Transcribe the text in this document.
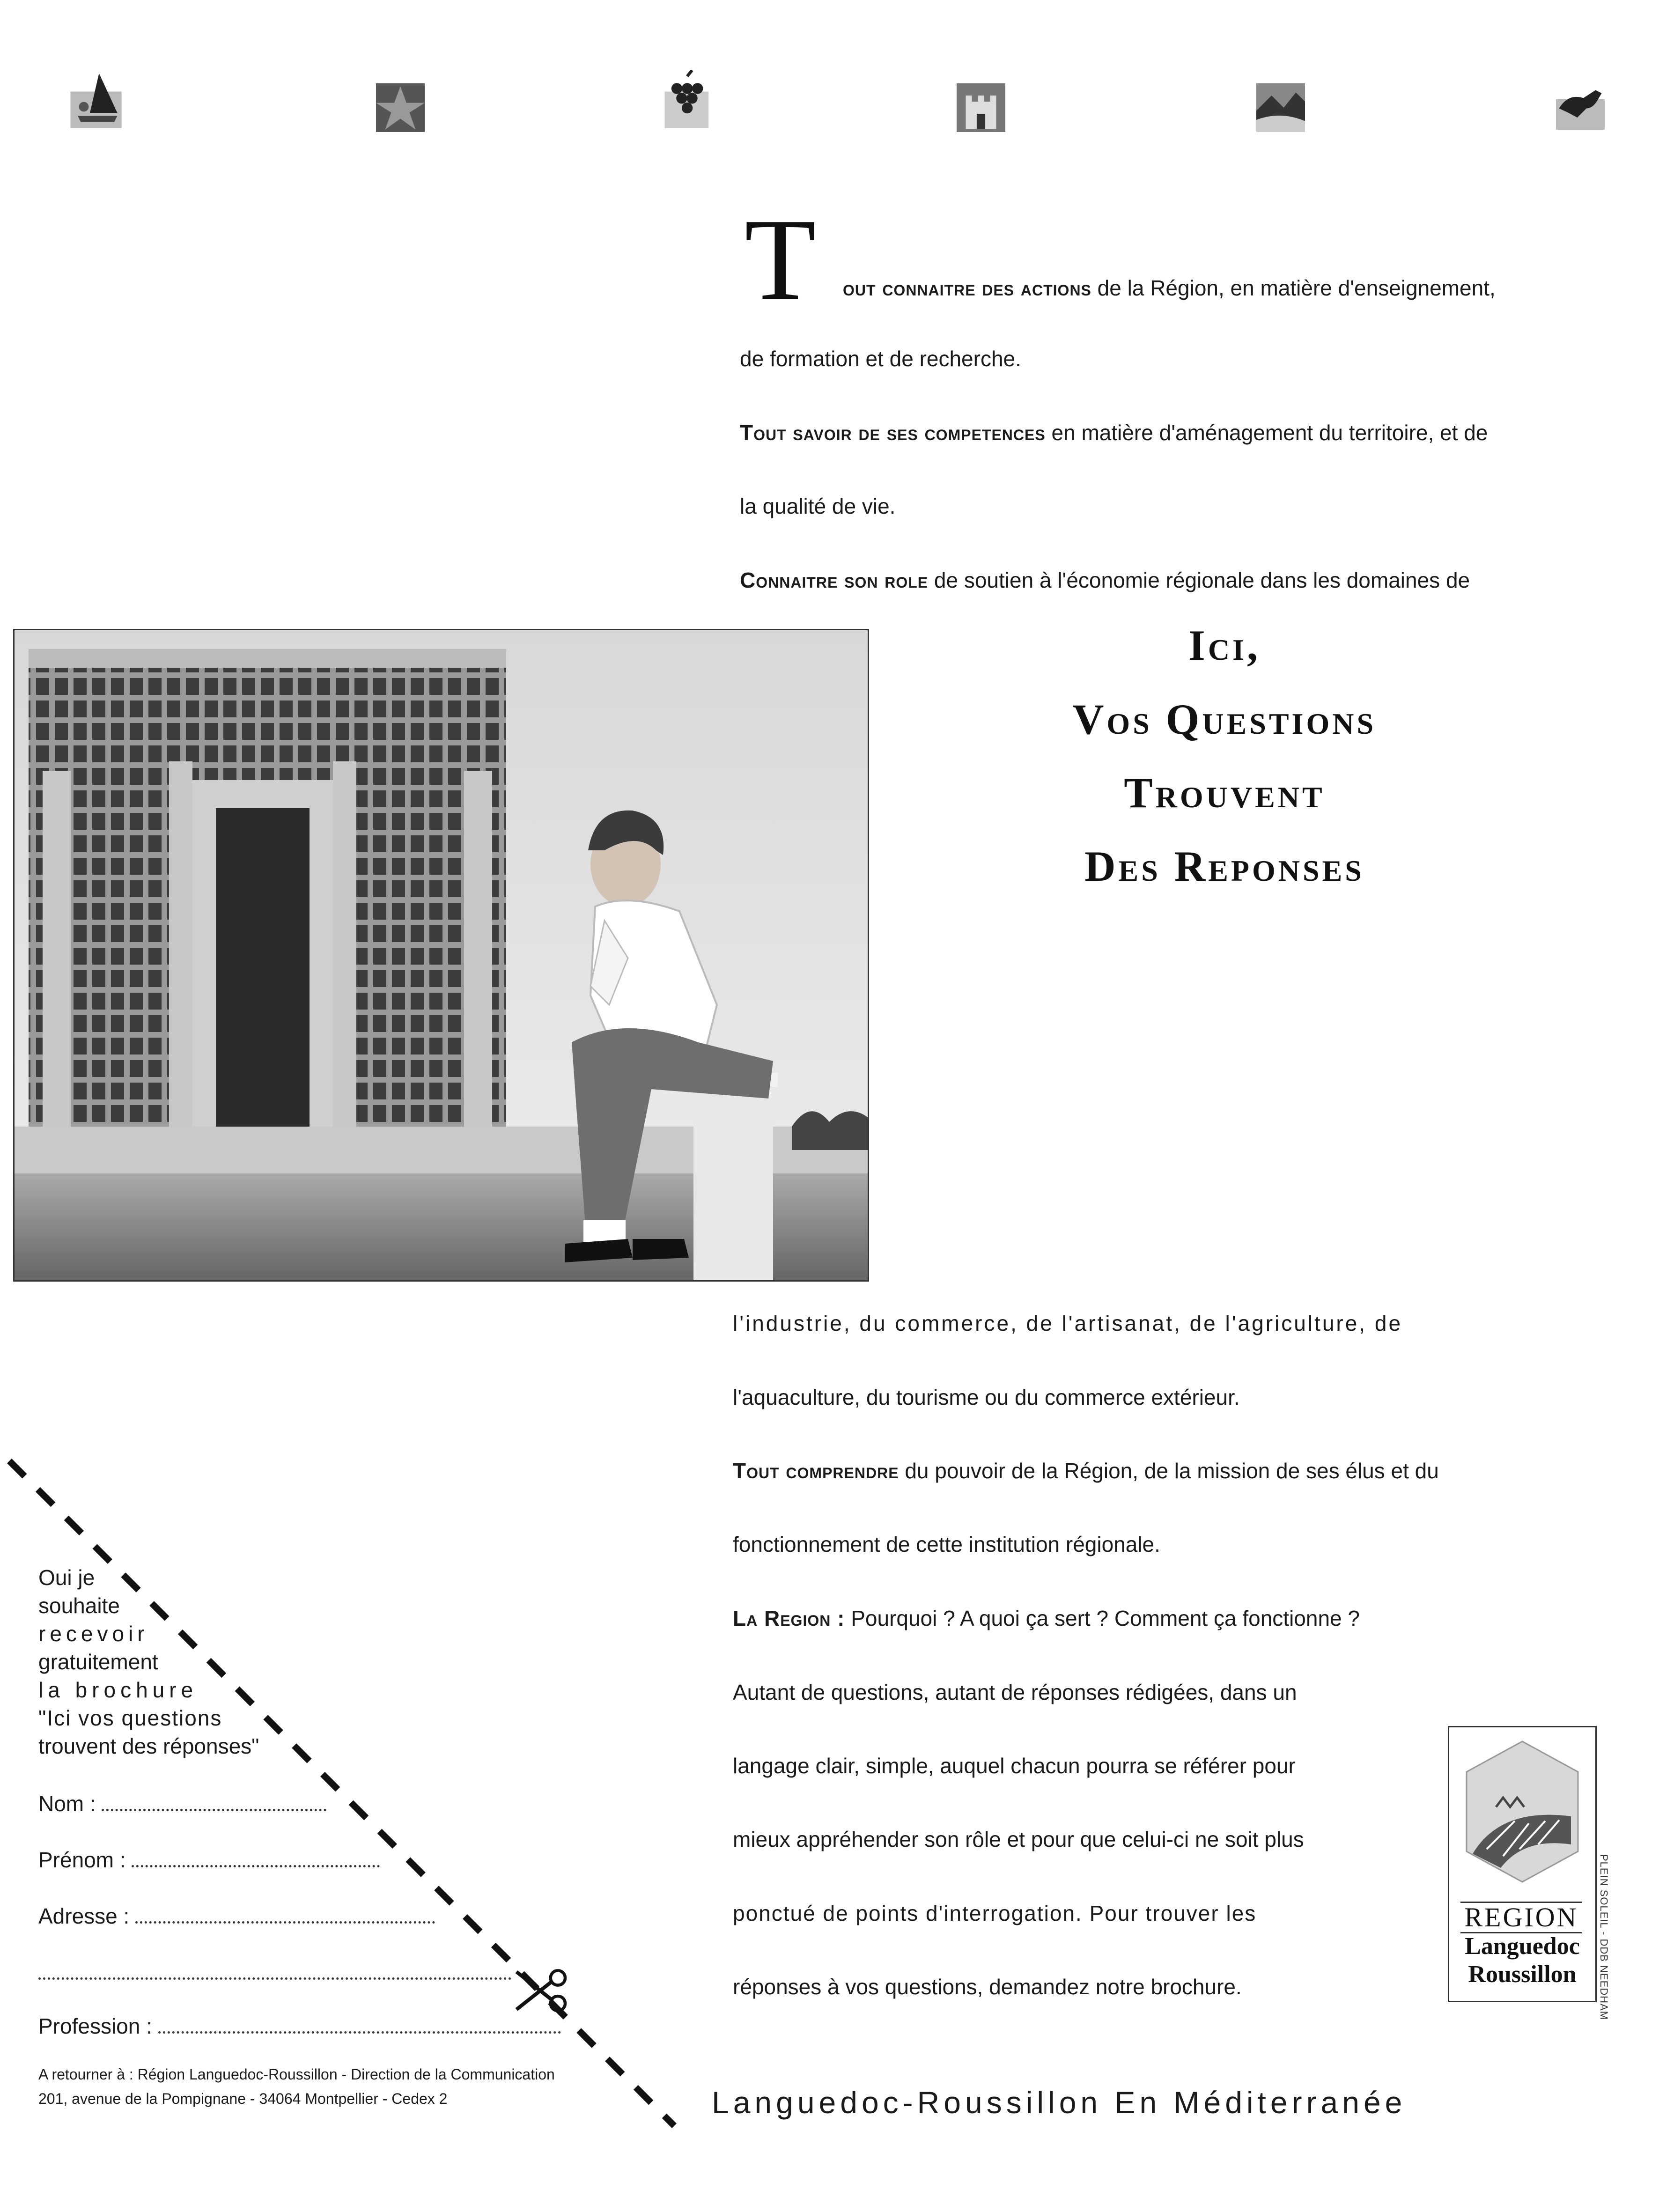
T out connaitre des actions de la Région, en matière d'enseignement,
de formation et de recherche.
Tout savoir de ses competences en matière d'aménagement du territoire, et de
la qualité de vie.
Connaitre son role de soutien à l'économie régionale dans les domaines de
Ici,
Vos Questions
Trouvent
Des Reponses
l'industrie, du commerce, de l'artisanat, de l'agriculture, de
l'aquaculture, du tourisme ou du commerce extérieur.
Tout comprendre du pouvoir de la Région, de la mission de ses élus et du
fonctionnement de cette institution régionale.
La Region : Pourquoi ? A quoi ça sert ? Comment ça fonctionne ?
Autant de questions, autant de réponses rédigées, dans un
langage clair, simple, auquel chacun pourra se référer pour
mieux appréhender son rôle et pour que celui-ci ne soit plus
ponctué de points d'interrogation. Pour trouver les
réponses à vos questions, demandez notre brochure.
REGION
Languedoc
Roussillon	PLEIN SOLEIL - DDB NEEDHAM
Oui je
souhaite
recevoir
gratuitement
la brochure
"Ici vos questions
trouvent des réponses"
Nom :
Prénom :
Adresse :
Profession :
A retourner à : Région Languedoc-Roussillon - Direction de la Communication
201, avenue de la Pompignane - 34064 Montpellier - Cedex 2	Languedoc-Roussillon En Méditerranée
